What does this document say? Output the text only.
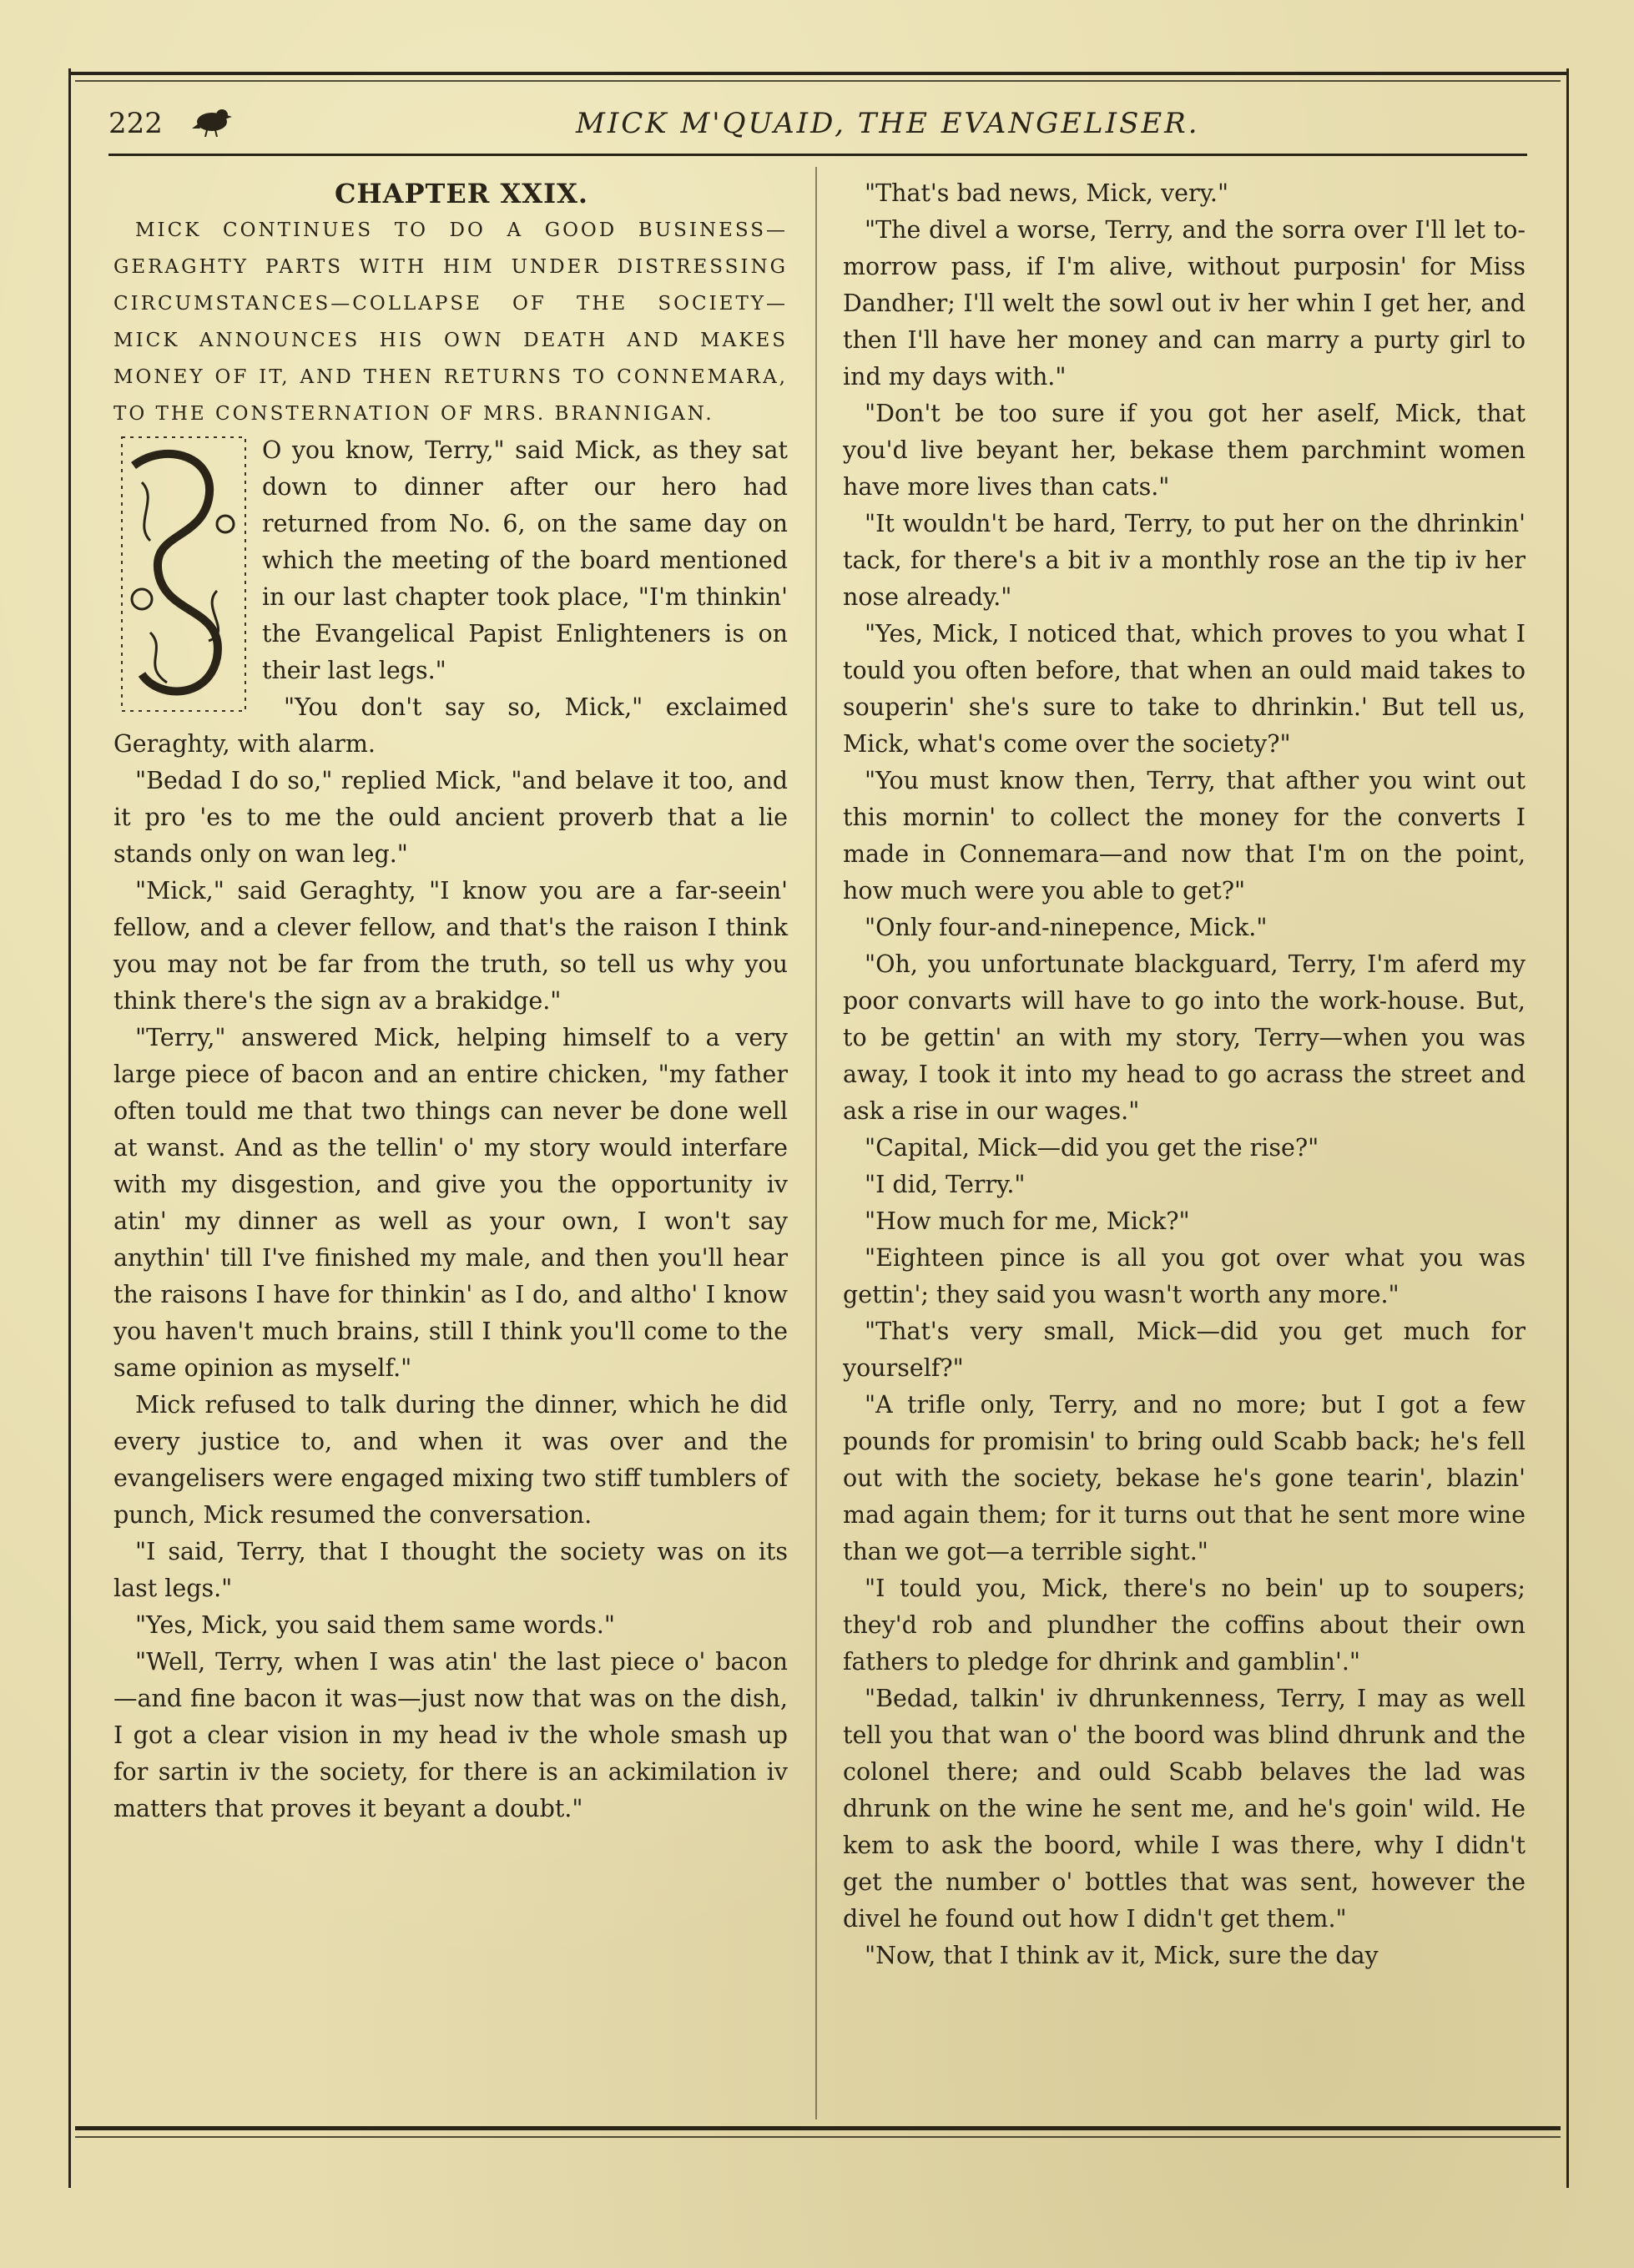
222	MICK M'QUAID, THE EVANGELISER.

CHAPTER XXIX.

MICK CONTINUES TO DO A GOOD BUSINESS—GERAGHTY PARTS WITH HIM UNDER DISTRESSING CIRCUMSTANCES—COLLAPSE OF THE SOCIETY—MICK ANNOUNCES HIS OWN DEATH AND MAKES MONEY OF IT, AND THEN RETURNS TO CONNEMARA, TO THE CONSTERNATION OF MRS. BRANNIGAN.

O you know, Terry," said Mick, as they sat down to dinner after our hero had returned from No. 6, on the same day on which the meeting of the board mentioned in our last chapter took place, "I'm thinkin' the Evangelical Papist Enlighteners is on their last legs."

"You don't say so, Mick," exclaimed Geraghty, with alarm.

"Bedad I do so," replied Mick, "and belave it too, and it pro 'es to me the ould ancient proverb that a lie stands only on wan leg."

"Mick," said Geraghty, "I know you are a far-seein' fellow, and a clever fellow, and that's the raison I think you may not be far from the truth, so tell us why you think there's the sign av a brakidge."

"Terry," answered Mick, helping himself to a very large piece of bacon and an entire chicken, "my father often tould me that two things can never be done well at wanst. And as the tellin' o' my story would interfare with my disgestion, and give you the opportunity iv atin' my dinner as well as your own, I won't say anythin' till I've finished my male, and then you'll hear the raisons I have for thinkin' as I do, and altho' I know you haven't much brains, still I think you'll come to the same opinion as myself."

Mick refused to talk during the dinner, which he did every justice to, and when it was over and the evangelisers were engaged mixing two stiff tumblers of punch, Mick resumed the conversation.

"I said, Terry, that I thought the society was on its last legs."

"Yes, Mick, you said them same words."

"Well, Terry, when I was atin' the last piece o' bacon—and fine bacon it was—just now that was on the dish, I got a clear vision in my head iv the whole smash up for sartin iv the society, for there is an ackimilation iv matters that proves it beyant a doubt."

"That's bad news, Mick, very."

"The divel a worse, Terry, and the sorra over I'll let to-morrow pass, if I'm alive, without purposin' for Miss Dandher; I'll welt the sowl out iv her whin I get her, and then I'll have her money and can marry a purty girl to ind my days with."

"Don't be too sure if you got her aself, Mick, that you'd live beyant her, bekase them parchmint women have more lives than cats."

"It wouldn't be hard, Terry, to put her on the dhrinkin' tack, for there's a bit iv a monthly rose an the tip iv her nose already."

"Yes, Mick, I noticed that, which proves to you what I tould you often before, that when an ould maid takes to souperin' she's sure to take to dhrinkin.' But tell us, Mick, what's come over the society?"

"You must know then, Terry, that afther you wint out this mornin' to collect the money for the converts I made in Connemara—and now that I'm on the point, how much were you able to get?"

"Only four-and-ninepence, Mick."

"Oh, you unfortunate blackguard, Terry, I'm aferd my poor convarts will have to go into the work-house. But, to be gettin' an with my story, Terry—when you was away, I took it into my head to go acrass the street and ask a rise in our wages."

"Capital, Mick—did you get the rise?"

"I did, Terry."

"How much for me, Mick?"

"Eighteen pince is all you got over what you was gettin'; they said you wasn't worth any more."

"That's very small, Mick—did you get much for yourself?"

"A trifle only, Terry, and no more; but I got a few pounds for promisin' to bring ould Scabb back; he's fell out with the society, bekase he's gone tearin', blazin' mad again them; for it turns out that he sent more wine than we got—a terrible sight."

"I tould you, Mick, there's no bein' up to soupers; they'd rob and plundher the coffins about their own fathers to pledge for dhrink and gamblin'."

"Bedad, talkin' iv dhrunkenness, Terry, I may as well tell you that wan o' the boord was blind dhrunk and the colonel there; and ould Scabb belaves the lad was dhrunk on the wine he sent me, and he's goin' wild. He kem to ask the boord, while I was there, why I didn't get the number o' bottles that was sent, however the divel he found out how I didn't get them."

"Now, that I think av it, Mick, sure the day
